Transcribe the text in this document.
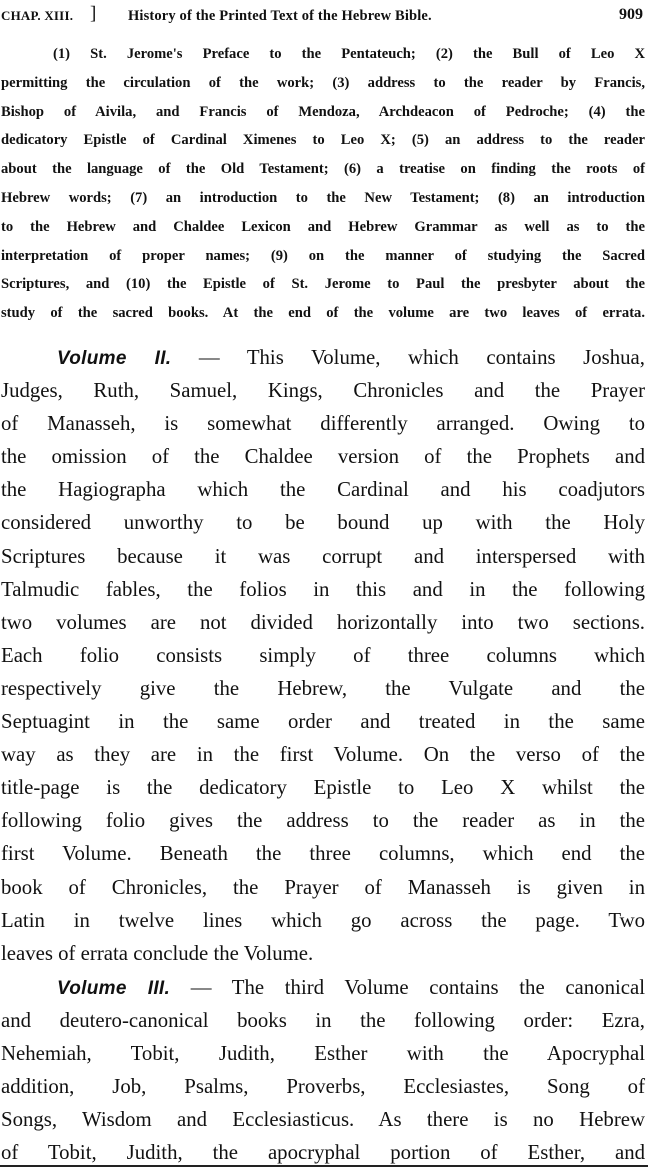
CHAP. XIII. ] History of the Printed Text of the Hebrew Bible.	909
(1) St. Jerome's Preface to the Pentateuch; (2) the Bull of Leo X
permitting the circulation of the work; (3) address to the reader by Francis,
Bishop of Aivila, and Francis of Mendoza, Archdeacon of Pedroche; (4) the
dedicatory Epistle of Cardinal Ximenes to Leo X; (5) an address to the reader
about the language of the Old Testament; (6) a treatise on finding the roots of
Hebrew words; (7) an introduction to the New Testament; (8) an introduction
to the Hebrew and Chaldee Lexicon and Hebrew Grammar as well as to the
interpretation of proper names; (9) on the manner of studying the Sacred
Scriptures, and (10) the Epistle of St. Jerome to Paul the presbyter about the
study of the sacred books. At the end of the volume are two leaves of errata.
Volume II. — This Volume, which contains Joshua,
Judges, Ruth, Samuel, Kings, Chronicles and the Prayer
of Manasseh, is somewhat differently arranged. Owing to
the omission of the Chaldee version of the Prophets and
the Hagiographa which the Cardinal and his coadjutors
considered unworthy to be bound up with the Holy
Scriptures because it was corrupt and interspersed with
Talmudic fables, the folios in this and in the following
two volumes are not divided horizontally into two sections.
Each folio consists simply of three columns which
respectively give the Hebrew, the Vulgate and the
Septuagint in the same order and treated in the same
way as they are in the first Volume. On the verso of the
title-page is the dedicatory Epistle to Leo X whilst the
following folio gives the address to the reader as in the
first Volume. Beneath the three columns, which end the
book of Chronicles, the Prayer of Manasseh is given in
Latin in twelve lines which go across the page. Two
leaves of errata conclude the Volume.
Volume III. — The third Volume contains the canonical
and deutero-canonical books in the following order: Ezra,
Nehemiah, Tobit, Judith, Esther with the Apocryphal
addition, Job, Psalms, Proverbs, Ecclesiastes, Song of
Songs, Wisdom and Ecclesiasticus. As there is no Hebrew
of Tobit, Judith, the apocryphal portion of Esther, and
